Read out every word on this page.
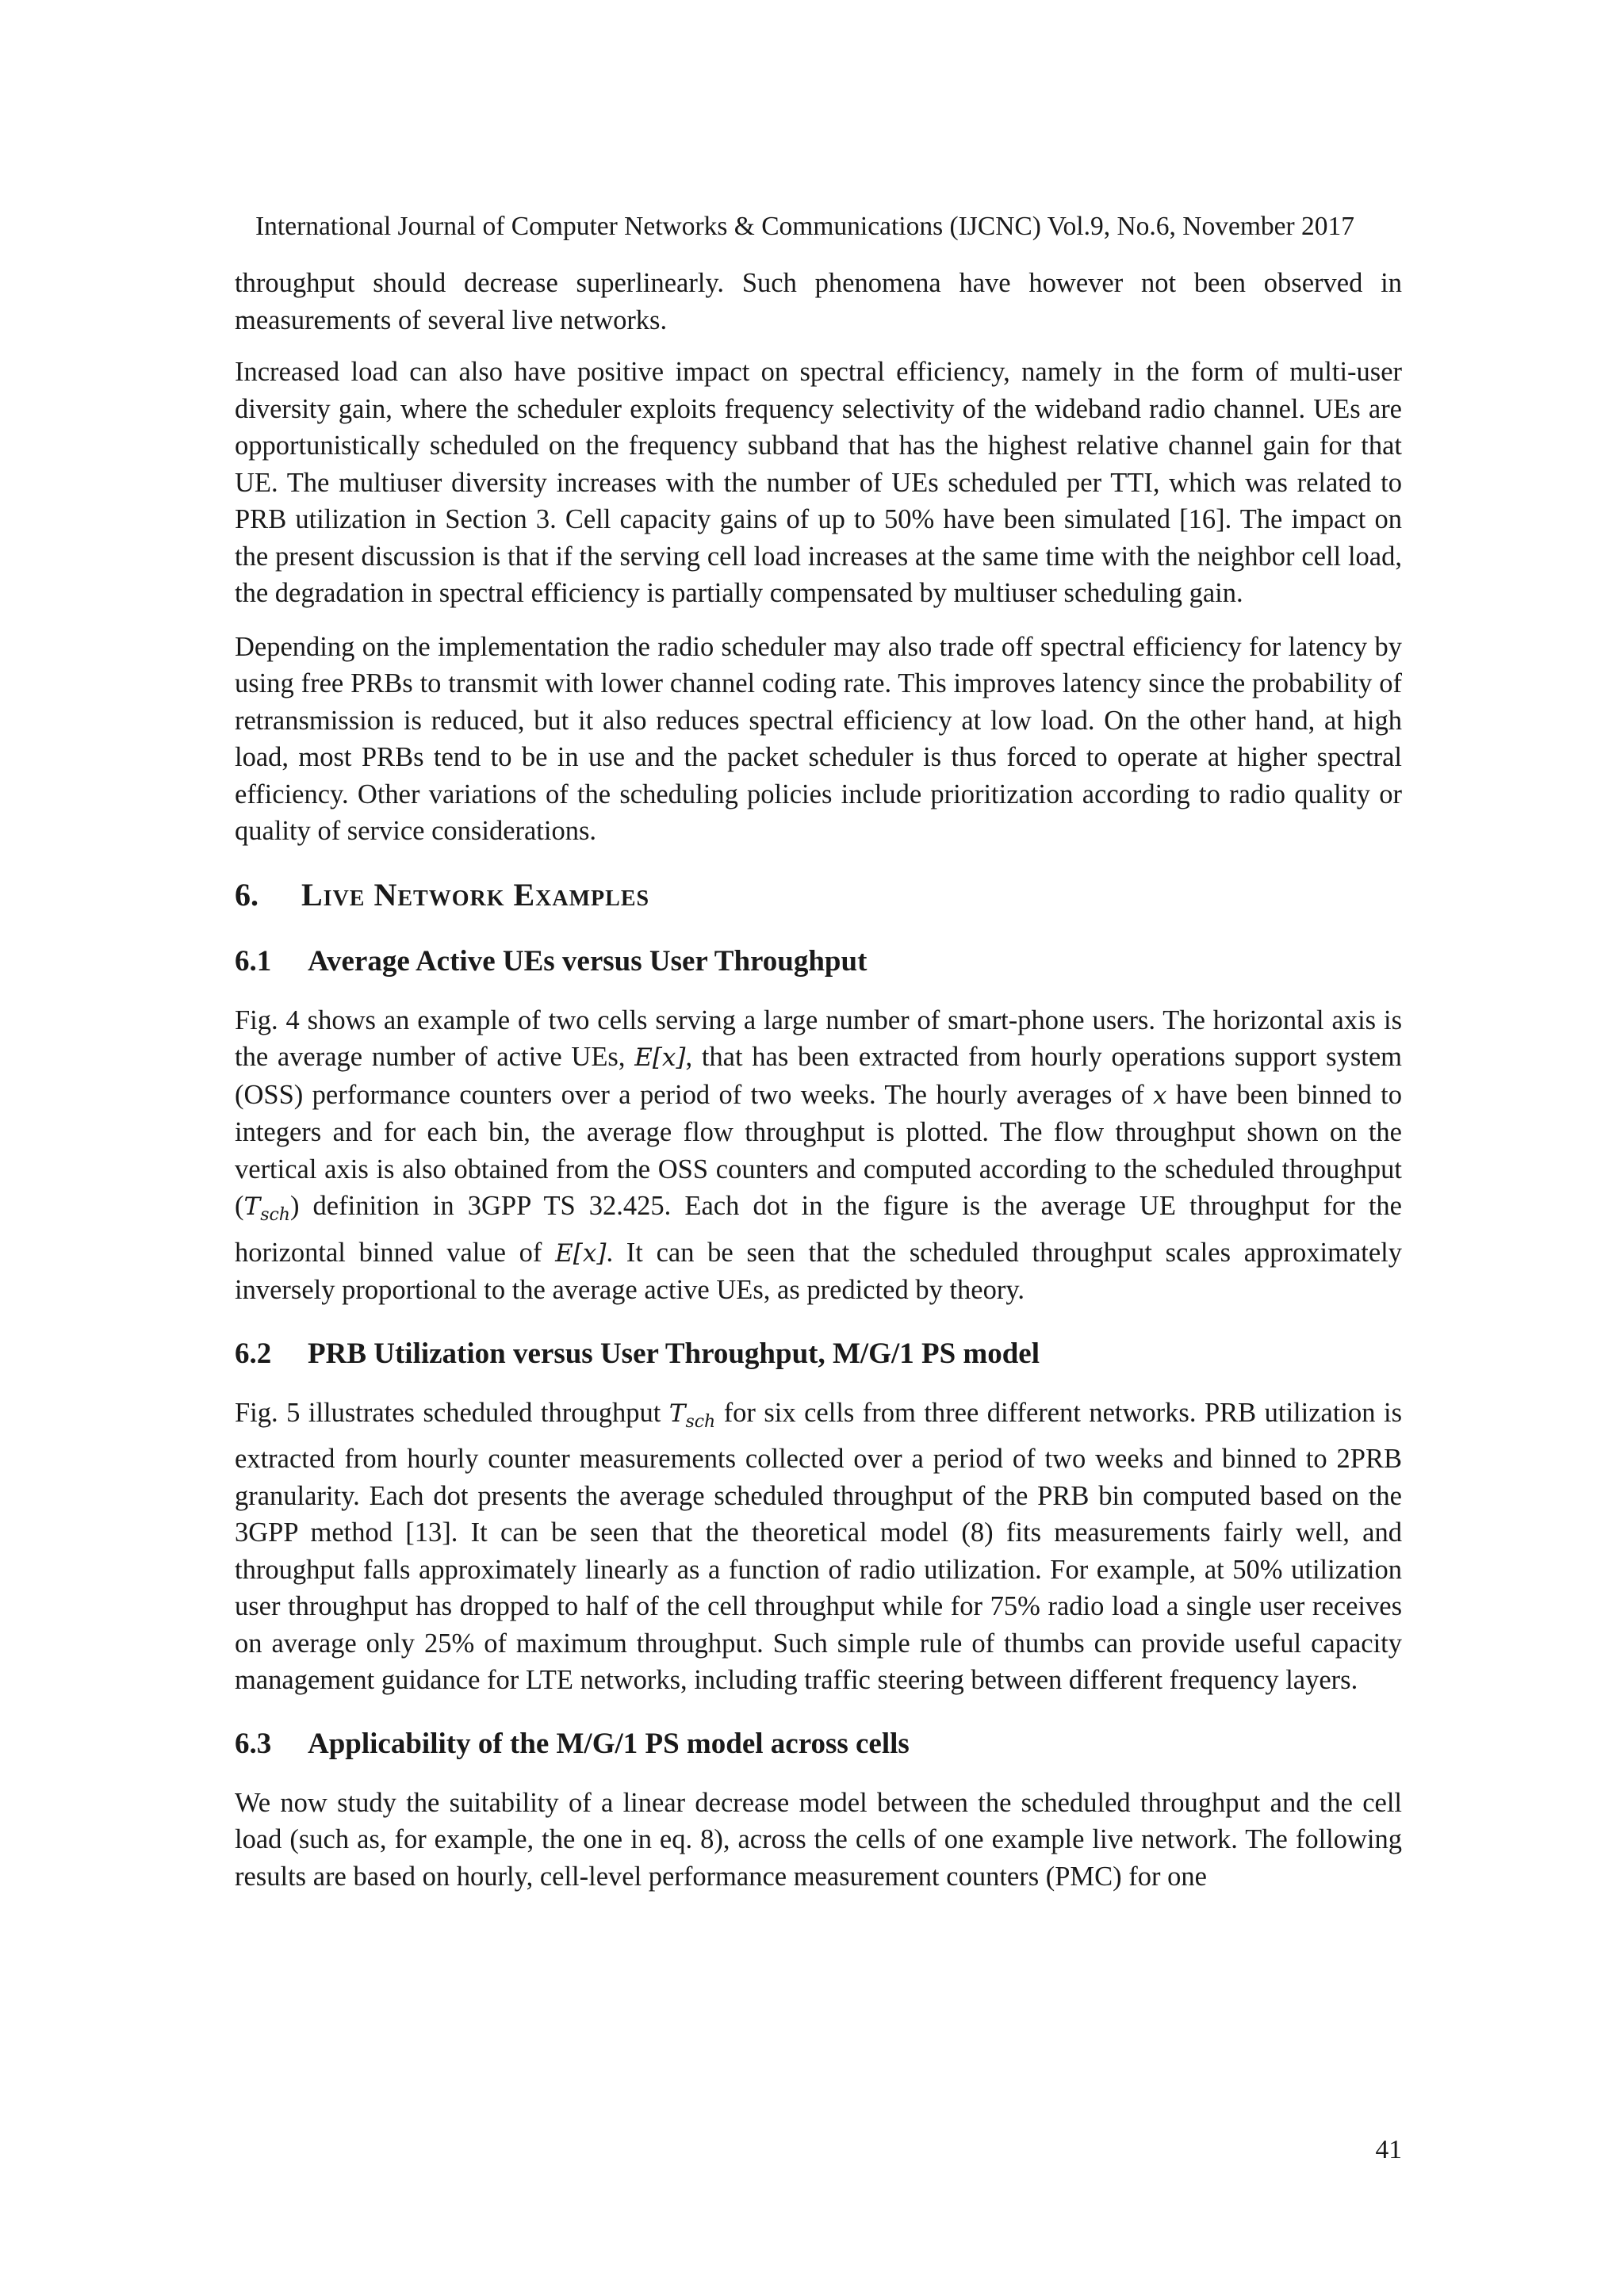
International Journal of Computer Networks & Communications (IJCNC) Vol.9, No.6, November 2017

throughput should decrease superlinearly. Such phenomena have however not been observed in measurements of several live networks.

Increased load can also have positive impact on spectral efficiency, namely in the form of multi-user diversity gain, where the scheduler exploits frequency selectivity of the wideband radio channel. UEs are opportunistically scheduled on the frequency subband that has the highest relative channel gain for that UE. The multiuser diversity increases with the number of UEs scheduled per TTI, which was related to PRB utilization in Section 3. Cell capacity gains of up to 50% have been simulated [16]. The impact on the present discussion is that if the serving cell load increases at the same time with the neighbor cell load, the degradation in spectral efficiency is partially compensated by multiuser scheduling gain.

Depending on the implementation the radio scheduler may also trade off spectral efficiency for latency by using free PRBs to transmit with lower channel coding rate. This improves latency since the probability of retransmission is reduced, but it also reduces spectral efficiency at low load. On the other hand, at high load, most PRBs tend to be in use and the packet scheduler is thus forced to operate at higher spectral efficiency. Other variations of the scheduling policies include prioritization according to radio quality or quality of service considerations.

6. Live Network Examples
6.1 Average Active UEs versus User Throughput

Fig. 4 shows an example of two cells serving a large number of smart-phone users. The horizontal axis is the average number of active UEs, E[x], that has been extracted from hourly operations support system (OSS) performance counters over a period of two weeks. The hourly averages of x have been binned to integers and for each bin, the average flow throughput is plotted. The flow throughput shown on the vertical axis is also obtained from the OSS counters and computed according to the scheduled throughput $(T_{sch})$ definition in 3GPP TS 32.425. Each dot in the figure is the average UE throughput for the horizontal binned value of E[x]. It can be seen that the scheduled throughput scales approximately inversely proportional to the average active UEs, as predicted by theory.

6.2 PRB Utilization versus User Throughput, M/G/1 PS model

Fig. 5 illustrates scheduled throughput $T_{sch}$ for six cells from three different networks. PRB utilization is extracted from hourly counter measurements collected over a period of two weeks and binned to 2PRB granularity. Each dot presents the average scheduled throughput of the PRB bin computed based on the 3GPP method [13]. It can be seen that the theoretical model (8) fits measurements fairly well, and throughput falls approximately linearly as a function of radio utilization. For example, at 50% utilization user throughput has dropped to half of the cell throughput while for 75% radio load a single user receives on average only 25% of maximum throughput. Such simple rule of thumbs can provide useful capacity management guidance for LTE networks, including traffic steering between different frequency layers.

6.3 Applicability of the M/G/1 PS model across cells

We now study the suitability of a linear decrease model between the scheduled throughput and the cell load (such as, for example, the one in eq. 8), across the cells of one example live network. The following results are based on hourly, cell-level performance measurement counters (PMC) for one

41
